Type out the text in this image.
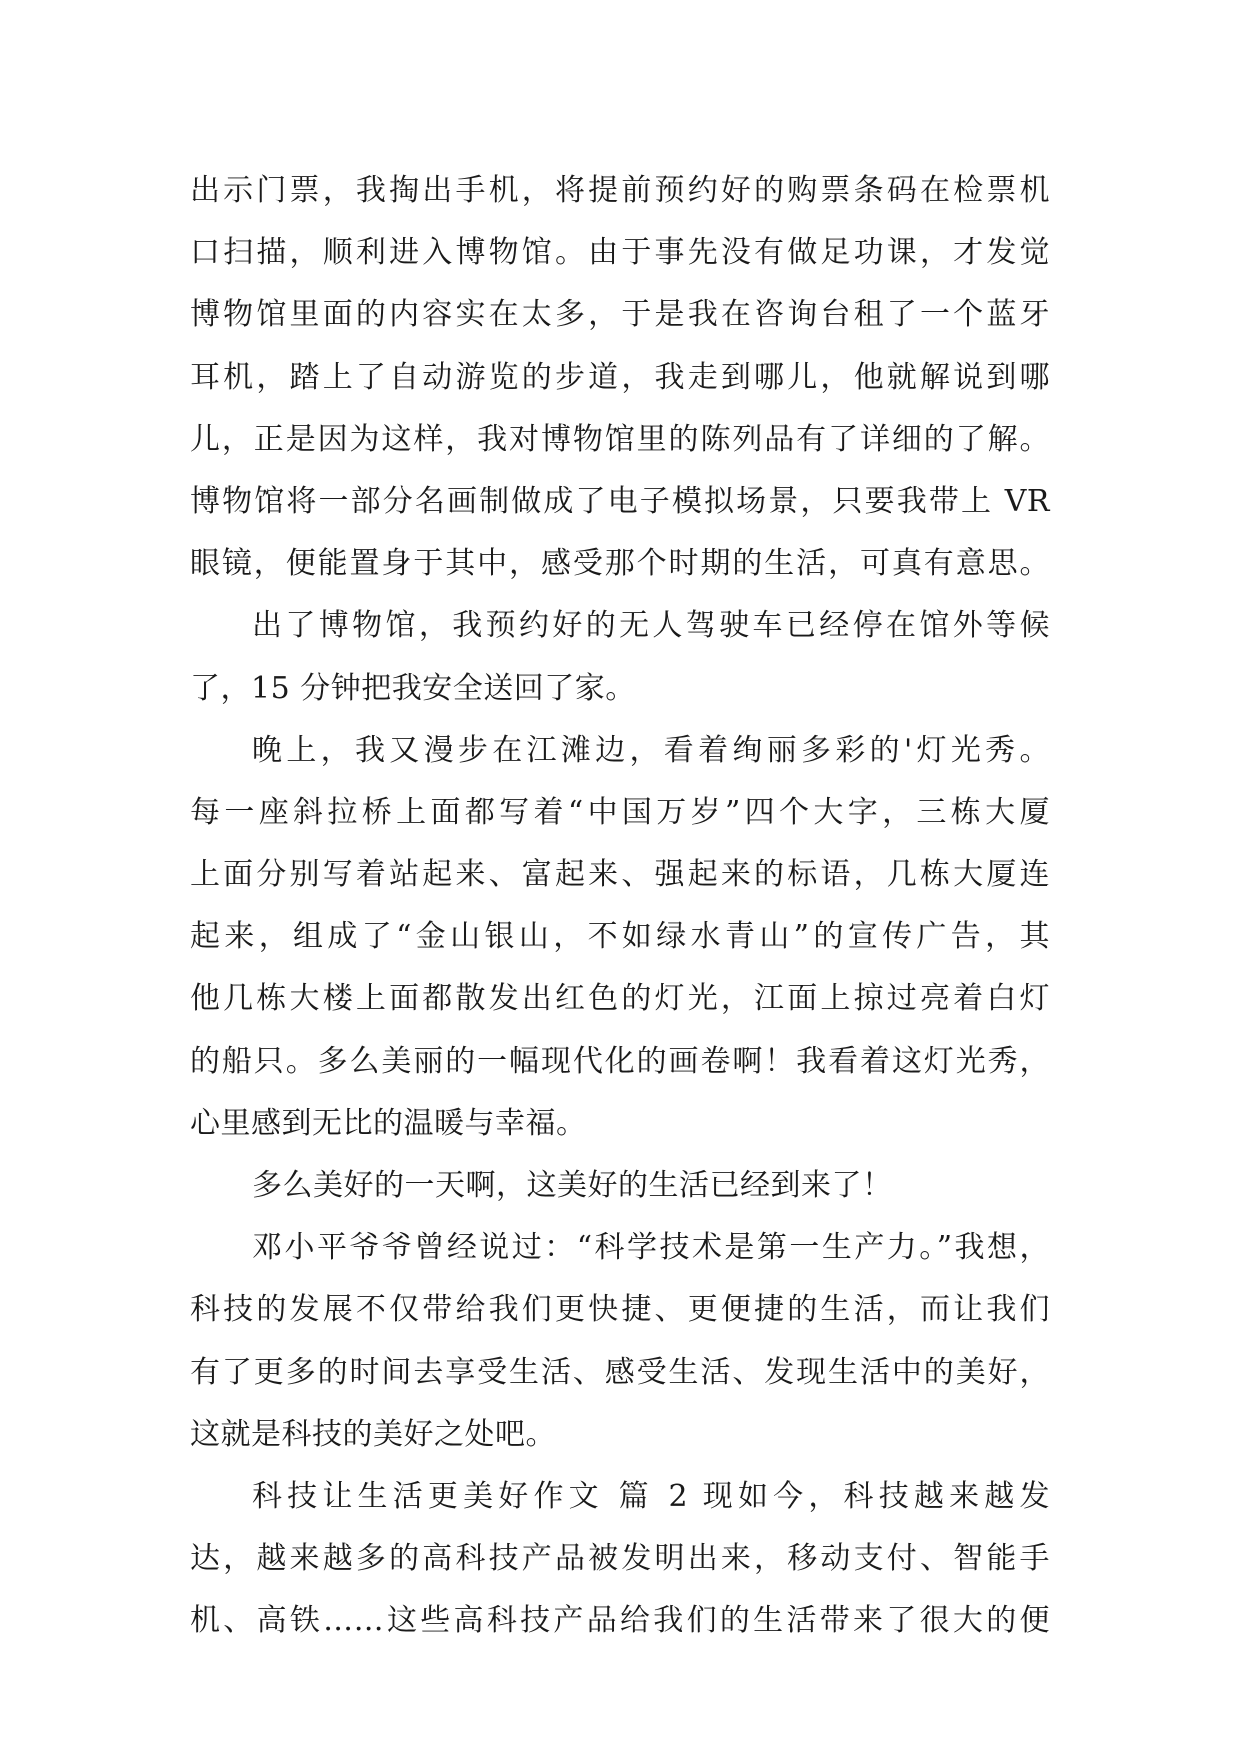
出示门票，我掏出手机，将提前预约好的购票条码在检票机
口扫描，顺利进入博物馆。由于事先没有做足功课，才发觉
博物馆里面的内容实在太多，于是我在咨询台租了一个蓝牙
耳机，踏上了自动游览的步道，我走到哪儿，他就解说到哪
儿，正是因为这样，我对博物馆里的陈列品有了详细的了解。
博物馆将一部分名画制做成了电子模拟场景，只要我带上 VR
眼镜，便能置身于其中，感受那个时期的生活，可真有意思。
出了博物馆，我预约好的无人驾驶车已经停在馆外等候
了，15 分钟把我安全送回了家。
晚上，我又漫步在江滩边，看着绚丽多彩的'灯光秀。
每一座斜拉桥上面都写着“中国万岁”四个大字，三栋大厦
上面分别写着站起来、富起来、强起来的标语，几栋大厦连
起来，组成了“金山银山，不如绿水青山”的宣传广告，其
他几栋大楼上面都散发出红色的灯光，江面上掠过亮着白灯
的船只。多么美丽的一幅现代化的画卷啊！我看着这灯光秀，
心里感到无比的温暖与幸福。
多么美好的一天啊，这美好的生活已经到来了！
邓小平爷爷曾经说过：“科学技术是第一生产力。”我想，
科技的发展不仅带给我们更快捷、更便捷的生活，而让我们
有了更多的时间去享受生活、感受生活、发现生活中的美好，
这就是科技的美好之处吧。
科技让生活更美好作文 篇 2 现如今，科技越来越发
达，越来越多的高科技产品被发明出来，移动支付、智能手
机、高铁……这些高科技产品给我们的生活带来了很大的便
